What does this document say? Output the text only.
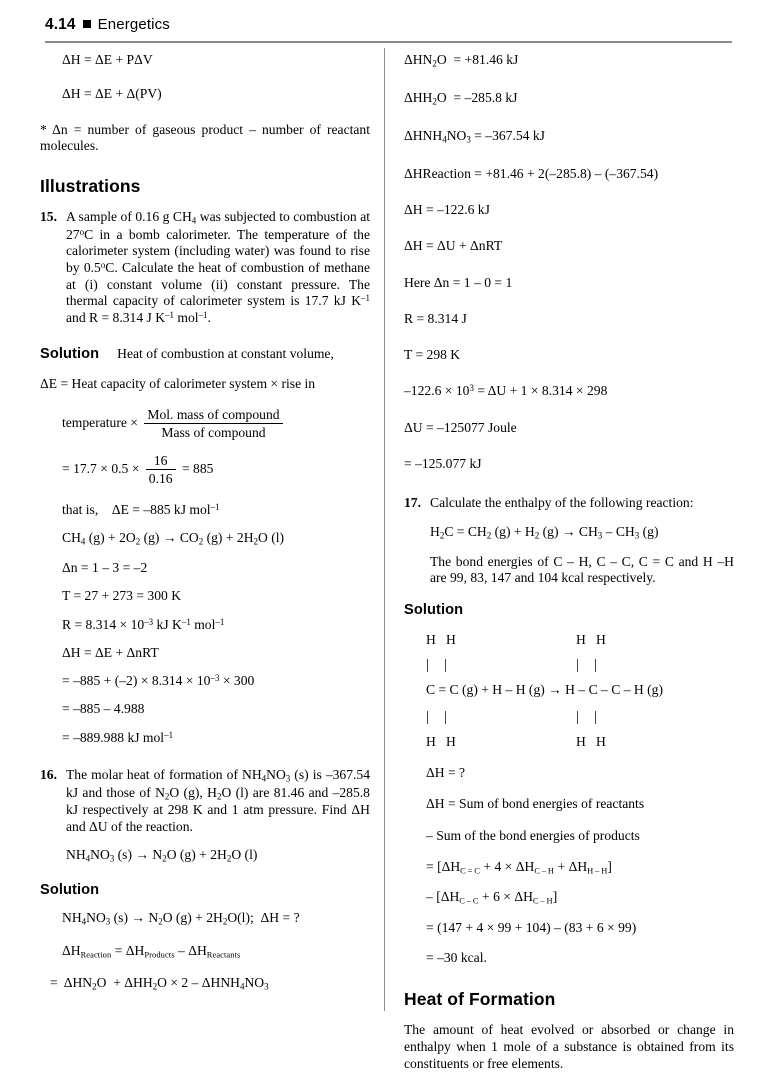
4.14 Energetics
ΔH = ΔE + PΔV
ΔH = ΔE + Δ(PV)
* Δn = number of gaseous product – number of reactant molecules.
Illustrations
15. A sample of 0.16 g $CH_4$ was subjected to combustion at 27$^o$C in a bomb calorimeter. The temperature of the calorimeter system (including water) was found to rise by 0.5$^o$C. Calculate the heat of combustion of methane at (i) constant volume (ii) constant pressure. The thermal capacity of calorimeter system is 17.7 kJ $K^{-1}$ and R = 8.314 J $K^{-1}$ mol$^{-1}$.
Solution Heat of combustion at constant volume,
ΔE = Heat capacity of calorimeter system × rise in
temperature × $\frac{\text{Mol. mass of compound}}{\text{Mass of compound}}$
= $17.7 \times 0.5 \times \frac{16}{0.16} = 885$
that is,    ΔE = –885 kJ mol$^{-1}$
$CH_4$ $(g) + 2O_2$ $(g) \to CO_2$ $(g) + 2H_2O$ (l)
Δn = 1 – 3 = –2
T = 27 + 273 = 300 K
$R = 8.314 \times 10^{-3}$ kJ $K^{-1}$ mol$^{-1}$
ΔH = ΔE + ΔnRT
= $-885 + (-2) \times 8.314 \times 10^{-3} \times 300$
= –885 – 4.988
= –889.988 kJ mol$^{-1}$
16. The molar heat of formation of $NH_4NO_3$ (s) is –367.54 kJ and those of $N_2O$ (g), $H_2O$ (l) are 81.46 and –285.8 kJ respectively at 298 K and 1 atm pressure. Find ΔH and ΔU of the reaction.
$NH_4NO_3$ $(s) \to N_2O$ $(g) + 2H_2O$ (l)
Solution
$NH_4NO_3$ $(s) \to N_2O$ $(g) + 2H_2O(l)$;  ΔH = ?
ΔHReaction = ΔHProducts – ΔHReactants
=  $\Delta HN_2O + \Delta HH_2O \times 2 - \Delta HNH_4NO_3$
$\Delta HN_2O = +81.46$ kJ
$\Delta HH_2O = -285.8$ kJ
$\Delta HNH_4NO_3 = -367.54$ kJ
ΔHReaction = +81.46 + 2(–285.8) – (–367.54)
ΔH = –122.6 kJ
ΔH = ΔU + ΔnRT
Here Δn = 1 – 0 = 1
R = 8.314 J
T = 298 K
$-122.6 \times 10^3 = \Delta U + 1 \times 8.314 \times 298$
ΔU = –125077 Joule
= –125.077 kJ
17. Calculate the enthalpy of the following reaction:
$H_2C = CH_2$ $(g) + H_2$ $(g) \to CH_3 - CH_3$ (g)
The bond energies of C – H, C – C, C = C and H –H are 99, 83, 147 and 104 kcal respectively.
Solution
H   H	H   H
|    |	|    |
C = C (g) + H – H (g) → H – C – C – H (g)
|    |	|    |
H   H	H   H
ΔH = ?
ΔH = Sum of bond energies of reactants
– Sum of the bond energies of products
= [ΔHC = C + 4 × ΔHC – H + ΔHH – H]
– [ΔHC – C + 6 × ΔHC – H]
= (147 + 4 × 99 + 104) – (83 + 6 × 99)
= –30 kcal.
Heat of Formation
The amount of heat evolved or absorbed or change in enthalpy when 1 mole of a substance is obtained from its constituents or free elements.
